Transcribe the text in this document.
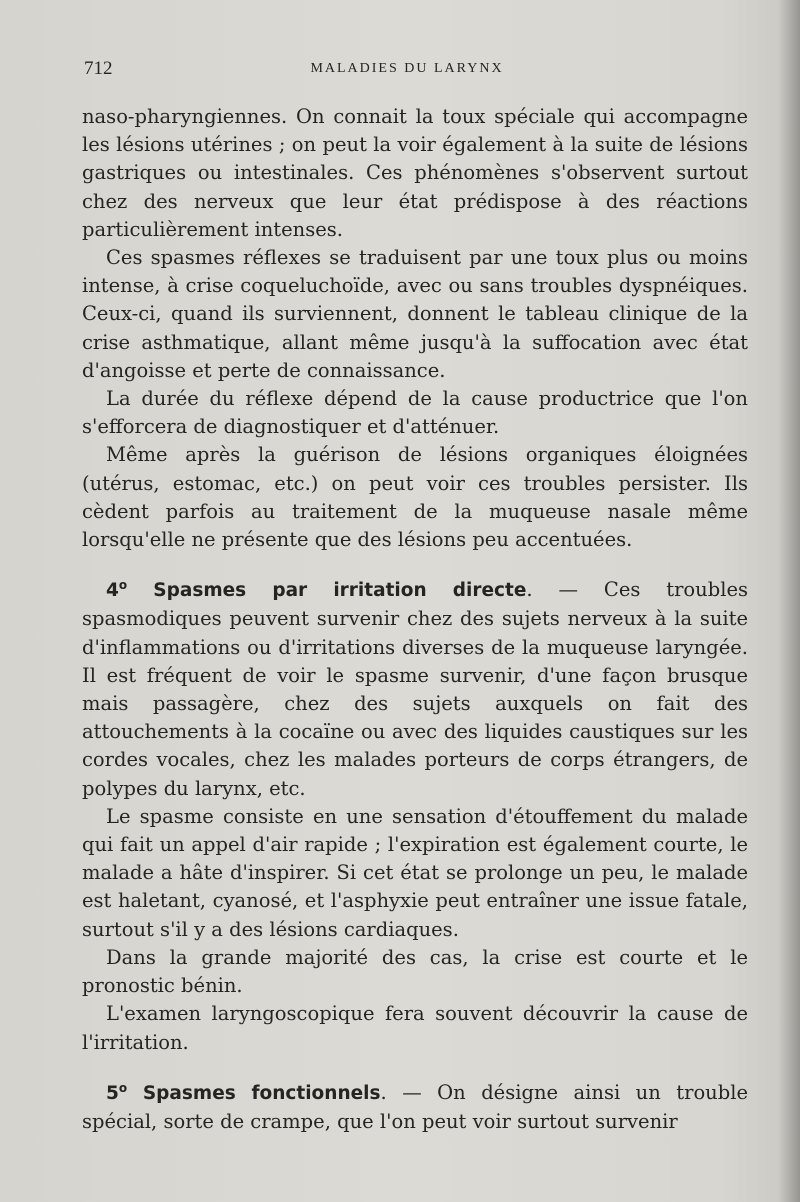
712	MALADIES DU LARYNX

naso-pharyngiennes. On connait la toux spéciale qui accompagne les lésions utérines ; on peut la voir également à la suite de lésions gastriques ou intestinales. Ces phénomènes s'observent surtout chez des nerveux que leur état prédispose à des réactions particulièrement intenses.

Ces spasmes réflexes se traduisent par une toux plus ou moins intense, à crise coqueluchoïde, avec ou sans troubles dyspnéiques. Ceux-ci, quand ils surviennent, donnent le tableau clinique de la crise asthmatique, allant même jusqu'à la suffocation avec état d'angoisse et perte de connaissance.

La durée du réflexe dépend de la cause productrice que l'on s'efforcera de diagnostiquer et d'atténuer.

Même après la guérison de lésions organiques éloignées (utérus, estomac, etc.) on peut voir ces troubles persister. Ils cèdent parfois au traitement de la muqueuse nasale même lorsqu'elle ne présente que des lésions peu accentuées.

4$^o$ Spasmes par irritation directe. — Ces troubles spasmodiques peuvent survenir chez des sujets nerveux à la suite d'inflammations ou d'irritations diverses de la muqueuse laryngée. Il est fréquent de voir le spasme survenir, d'une façon brusque mais passagère, chez des sujets auxquels on fait des attouchements à la cocaïne ou avec des liquides caustiques sur les cordes vocales, chez les malades porteurs de corps étrangers, de polypes du larynx, etc.

Le spasme consiste en une sensation d'étouffement du malade qui fait un appel d'air rapide ; l'expiration est également courte, le malade a hâte d'inspirer. Si cet état se prolonge un peu, le malade est haletant, cyanosé, et l'asphyxie peut entraîner une issue fatale, surtout s'il y a des lésions cardiaques.

Dans la grande majorité des cas, la crise est courte et le pronostic bénin.

L'examen laryngoscopique fera souvent découvrir la cause de l'irritation.

5$^o$ Spasmes fonctionnels. — On désigne ainsi un trouble spécial, sorte de crampe, que l'on peut voir surtout survenir
